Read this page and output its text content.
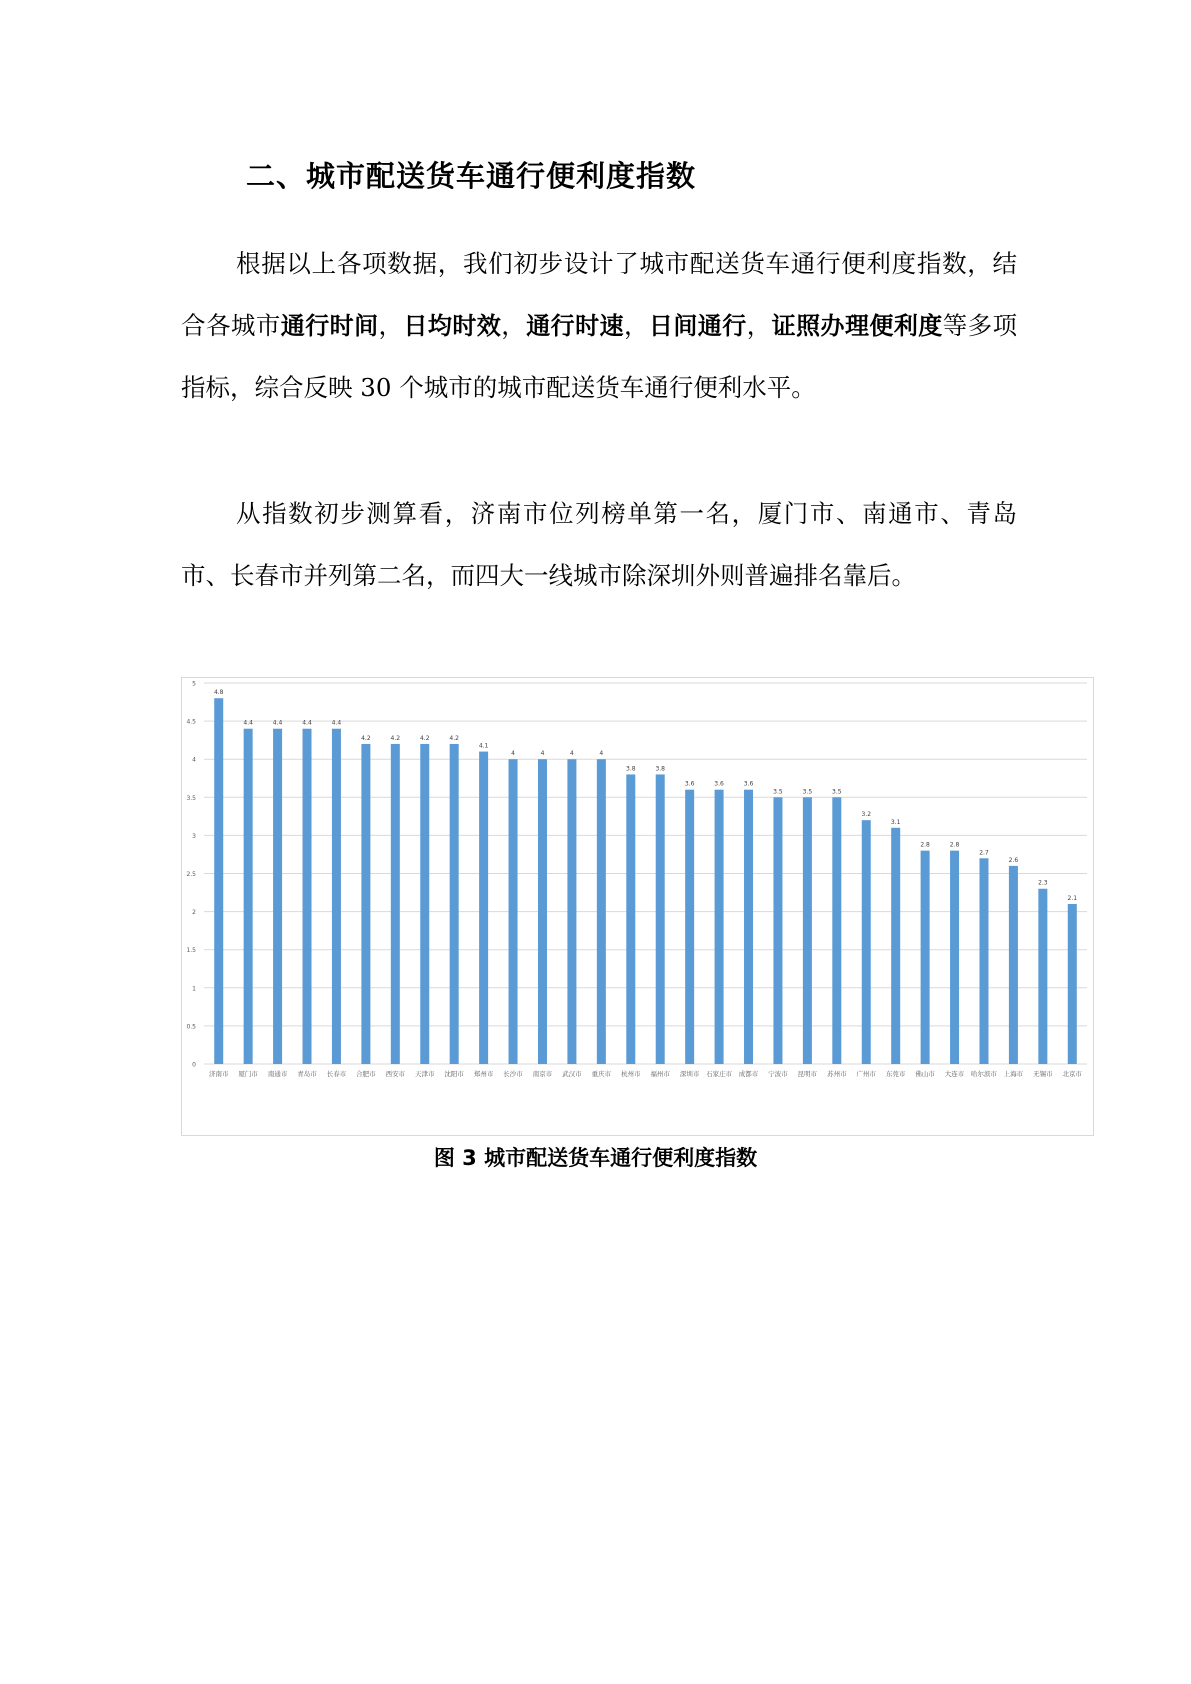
二、城市配送货车通行便利度指数

根据以上各项数据，我们初步设计了城市配送货车通行便利度指数，结合各城市通行时间，日均时效，通行时速，日间通行，证照办理便利度等多项指标，综合反映 30 个城市的城市配送货车通行便利水平。

从指数初步测算看，济南市位列榜单第一名，厦门市、南通市、青岛市、长春市并列第二名，而四大一线城市除深圳外则普遍排名靠后。

0
0.5
1
1.5
2
2.5
3
3.5
4
4.5
5
4.8
4.4	4.4	4.4	4.4
4.2	4.2	4.2	4.2
4.1
4	4	4	4
3.8	3.8
3.6	3.6	3.6
3.5	3.5	3.5
3.2
3.1
2.8	2.8
2.7
2.6
2.3
2.1
济南市 厦门市 南通市 青岛市 长春市 合肥市 西安市 天津市 沈阳市 郑州市 长沙市 南京市 武汉市 重庆市 杭州市 福州市 深圳市 石家庄市 成都市 宁波市 昆明市 苏州市 广州市 东莞市 佛山市 大连市 哈尔滨市 上海市 无锡市 北京市
图 3 城市配送货车通行便利度指数
